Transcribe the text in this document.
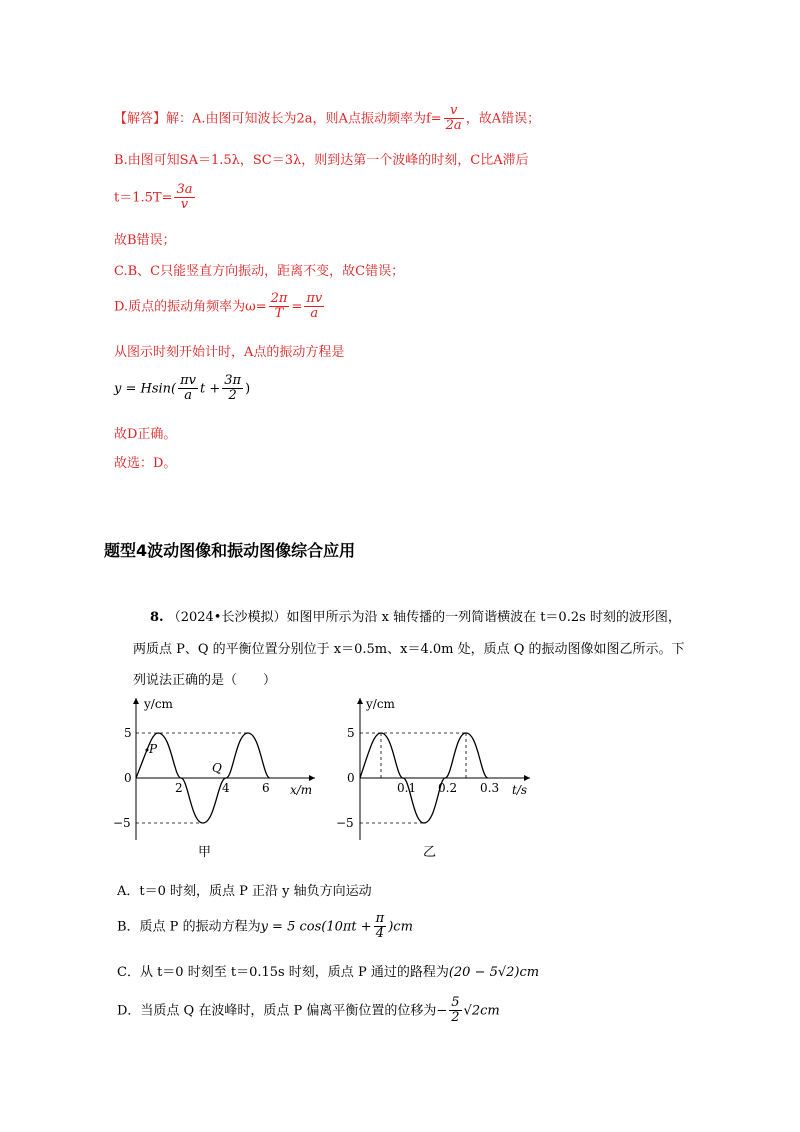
【解答】解：A.由图可知波长为2a，则A点振动频率为$f= \frac{v}{2a}$ ，故A错误；
B.由图可知SA＝1.5λ，SC＝3λ，则到达第一个波峰的时刻，C比A滞后
$t=1.5T= \frac{3a}{v}$
故B错误；
C.B、C只能竖直方向振动，距离不变，故C错误；
D.质点的振动角频率为$\omega= \frac{2\pi}{T} = \frac{\pi v}{a}$
从图示时刻开始计时，A点的振动方程是
$y = Hsin( \frac{\pi v}{a}$ $t + \frac{3\pi}{2}$ )
故D正确。
故选：D。
题型4波动图像和振动图像综合应用
8. （2024•长沙模拟）如图甲所示为沿 x 轴传播的一列简谐横波在 t＝0.2s 时刻的波形图，
两质点 P、Q 的平衡位置分别位于 x＝0.5m、x＝4.0m 处，质点 Q 的振动图像如图乙所示。下
列说法正确的是（　　）
P
Q
y/cm
x/m
5
0
−5
2	4	6
甲
y/cm
t/s
5
0
−5
0.1 0.2 0.3
乙
A．t＝0 时刻，质点 P 正沿 y 轴负方向运动
B．质点 P 的振动方程为y = 5 $\cos(10\pi t + \frac{\pi}{4} )cm$
C．从 t＝0 时刻至 t＝0.15s 时刻，质点 P 通过的路程为(20 − 5√2)cm
D．当质点 Q 在波峰时，质点 P 偏离平衡位置的位移为− $\frac{5}{2} √2cm$
